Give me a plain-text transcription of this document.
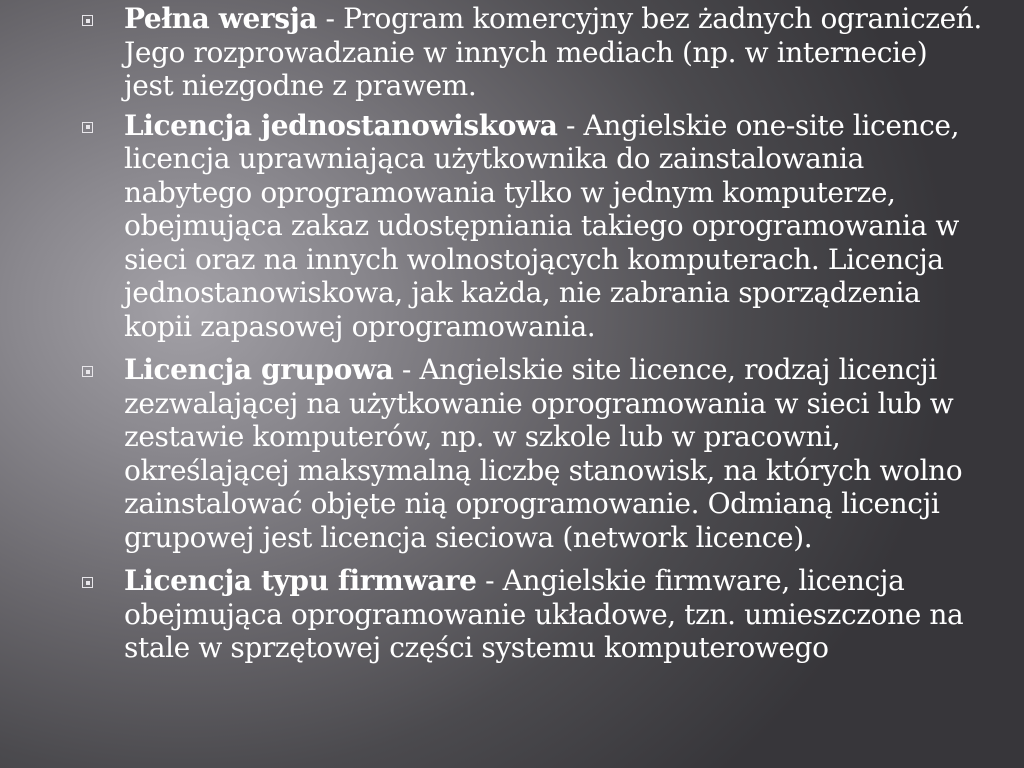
Pełna wersja - Program komercyjny bez żadnych ograniczeń. Jego rozprowadzanie w innych mediach (np. w internecie) jest niezgodne z prawem.
Licencja jednostanowiskowa - Angielskie one-site licence, licencja uprawniająca użytkownika do zainstalowania nabytego oprogramowania tylko w jednym komputerze, obejmująca zakaz udostępniania takiego oprogramowania w sieci oraz na innych wolnostojących komputerach. Licencja jednostanowiskowa, jak każda, nie zabrania sporządzenia kopii zapasowej oprogramowania.
Licencja grupowa - Angielskie site licence, rodzaj licencji zezwalającej na użytkowanie oprogramowania w sieci lub w zestawie komputerów, np. w szkole lub w pracowni, określającej maksymalną liczbę stanowisk, na których wolno zainstalować objęte nią oprogramowanie. Odmianą licencji grupowej jest licencja sieciowa (network licence).
Licencja typu firmware - Angielskie firmware, licencja obejmująca oprogramowanie układowe, tzn. umieszczone na stale w sprzętowej części systemu komputerowego
